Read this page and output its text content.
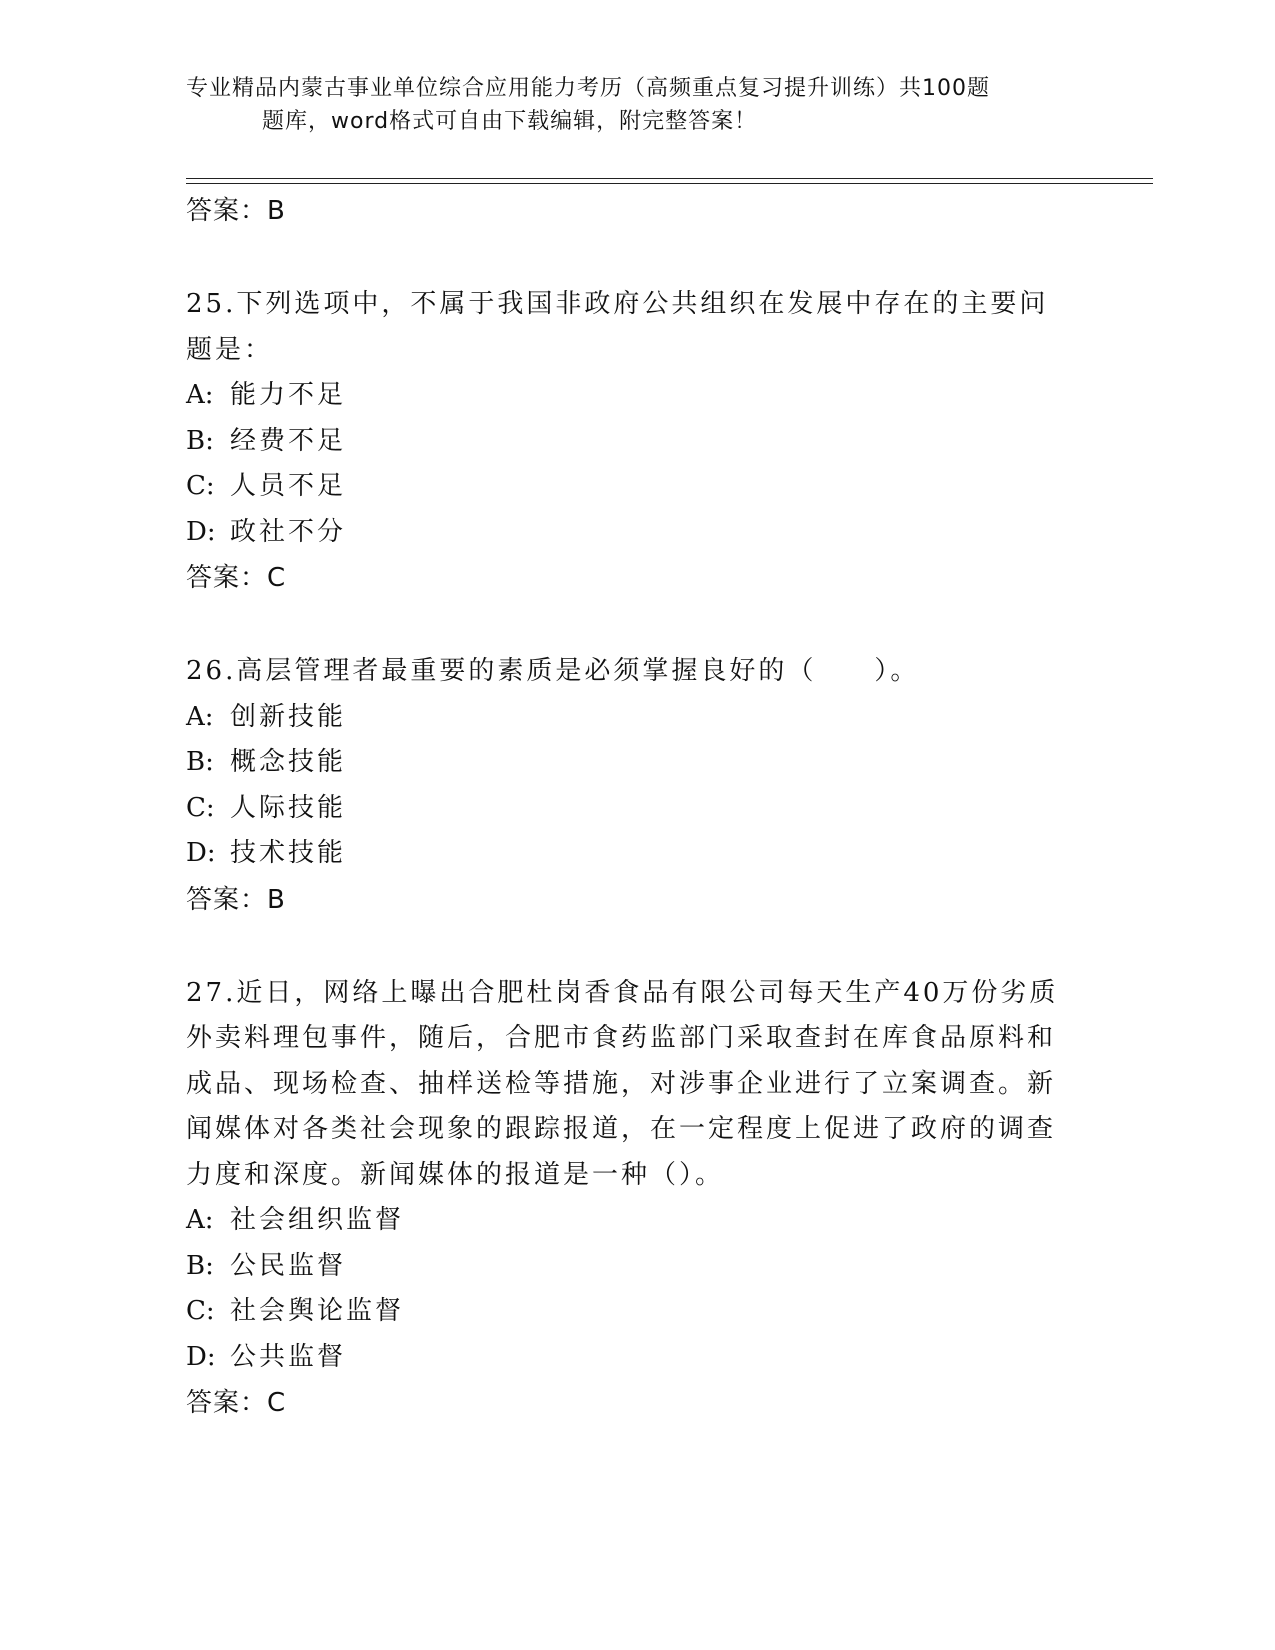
专业精品内蒙古事业单位综合应用能力考历（高频重点复习提升训练）共100题
题库，word格式可自由下载编辑，附完整答案！
答案：B
25.下列选项中，不属于我国非政府公共组织在发展中存在的主要问题是：
A: 能力不足
B: 经费不足
C: 人员不足
D: 政社不分
答案：C
26.高层管理者最重要的素质是必须掌握良好的（　　）。
A: 创新技能
B: 概念技能
C: 人际技能
D: 技术技能
答案：B
27.近日，网络上曝出合肥杜岗香食品有限公司每天生产40万份劣质外卖料理包事件，随后，合肥市食药监部门采取查封在库食品原料和成品、现场检查、抽样送检等措施，对涉事企业进行了立案调查。新闻媒体对各类社会现象的跟踪报道，在一定程度上促进了政府的调查力度和深度。新闻媒体的报道是一种（）。
A: 社会组织监督
B: 公民监督
C: 社会舆论监督
D: 公共监督
答案：C
